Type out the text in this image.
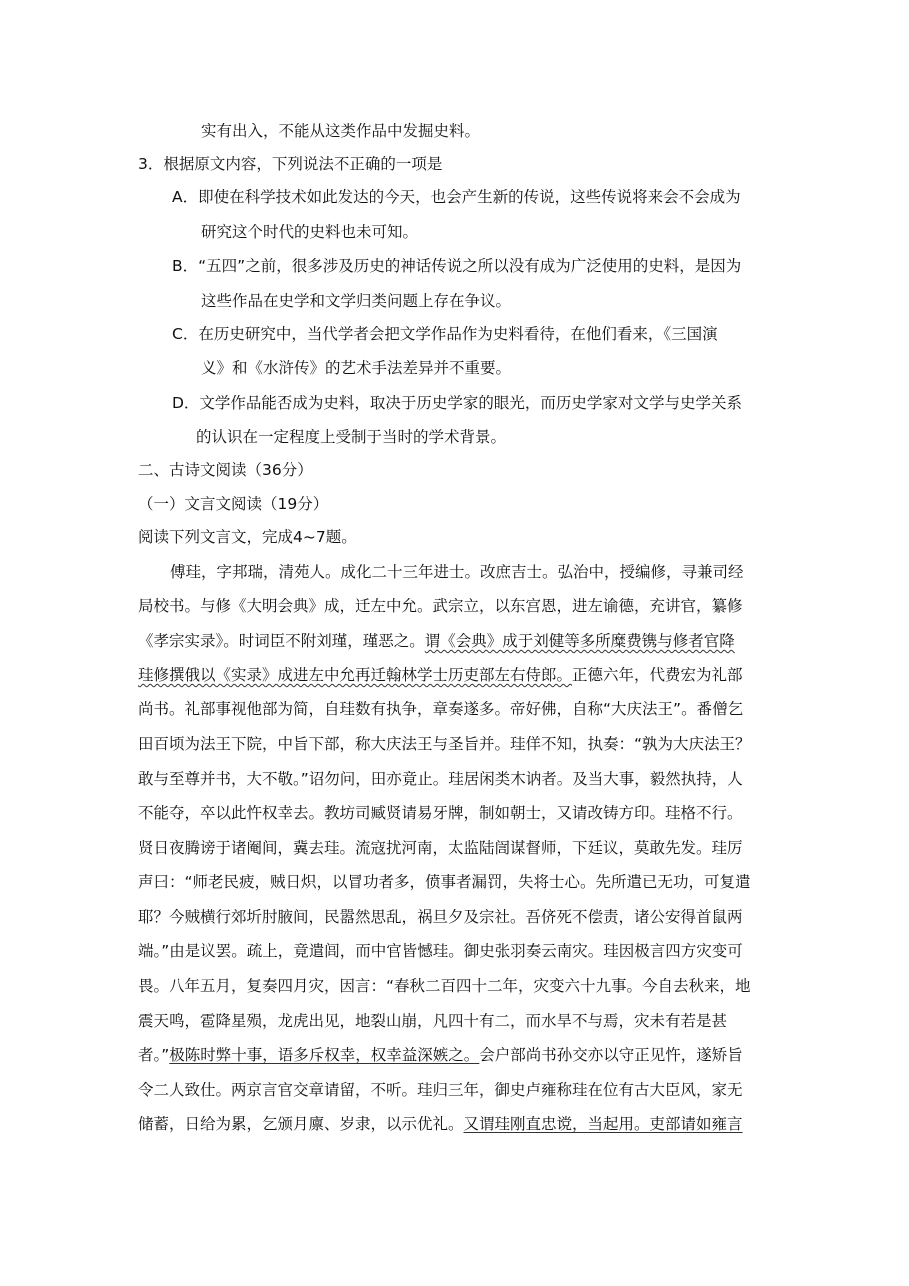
实有出入，不能从这类作品中发掘史料。
3．根据原文内容，下列说法不正确的一项是
A．即使在科学技术如此发达的今天，也会产生新的传说，这些传说将来会不会成为
研究这个时代的史料也未可知。
B．“五四”之前，很多涉及历史的神话传说之所以没有成为广泛使用的史料，是因为
这些作品在史学和文学归类问题上存在争议。
C．在历史研究中，当代学者会把文学作品作为史料看待，在他们看来，《三国演
义》和《水浒传》的艺术手法差异并不重要。
D．文学作品能否成为史料，取决于历史学家的眼光，而历史学家对文学与史学关系
的认识在一定程度上受制于当时的学术背景。
二、古诗文阅读（36分）
（一）文言文阅读（19分）
阅读下列文言文，完成4~7题。
傅珪，字邦瑞，清苑人。成化二十三年进士。改庶吉士。弘治中，授编修，寻兼司经
局校书。与修《大明会典》成，迁左中允。武宗立，以东宫恩，进左谕德，充讲官，纂修
《孝宗实录》。时词臣不附刘瑾，瑾恶之。谓《会典》成于刘健等多所糜费镌与修者官降
珪修撰俄以《实录》成进左中允再迁翰林学士历吏部左右侍郎。正德六年，代费宏为礼部
尚书。礼部事视他部为简，自珪数有执争，章奏遂多。帝好佛，自称“大庆法王”。番僧乞
田百顷为法王下院，中旨下部，称大庆法王与圣旨并。珪佯不知，执奏：“孰为大庆法王？
敢与至尊并书，大不敬。”诏勿问，田亦竟止。珪居闲类木讷者。及当大事，毅然执持，人
不能夺，卒以此忤权幸去。教坊司臧贤请易牙牌，制如朝士，又请改铸方印。珪格不行。
贤日夜腾谤于诸阉间，冀去珪。流寇扰河南，太监陆訚谋督师，下廷议，莫敢先发。珪厉
声曰：“师老民疲，贼日炽，以冒功者多，偾事者漏罚，失将士心。先所遣已无功，可复遣
耶？今贼横行郊圻肘腋间，民嚣然思乱，祸旦夕及宗社。吾侪死不偿责，诸公安得首鼠两
端。”由是议罢。疏上，竟遣闾，而中官皆憾珪。御史张羽奏云南灾。珪因极言四方灾变可
畏。八年五月，复奏四月灾，因言：“春秋二百四十二年，灾变六十九事。今自去秋来，地
震天鸣，雹降星殒，龙虎出见，地裂山崩，凡四十有二，而水旱不与焉，灾未有若是甚
者。”极陈时弊十事，语多斥权幸，权幸益深嫉之。会户部尚书孙交亦以守正见忤，遂矫旨
令二人致仕。两京言官交章请留，不听。珪归三年，御史卢雍称珪在位有古大臣风，家无
储蓄，日给为累，乞颁月廪、岁隶，以示优礼。又谓珪刚直忠谠，当起用。吏部请如雍言
